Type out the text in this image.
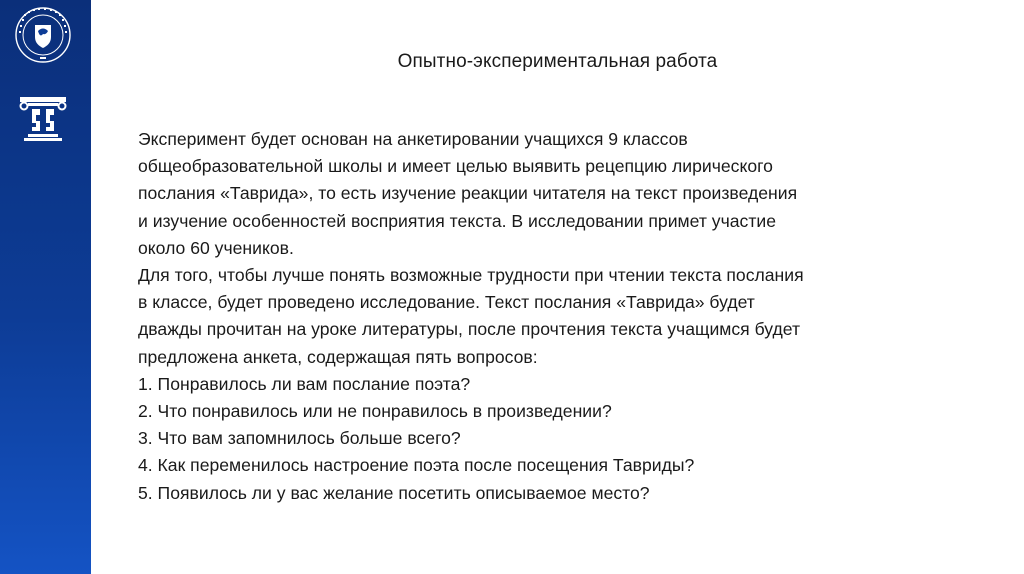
Опытно-экспериментальная работа
Эксперимент будет основан на анкетировании учащихся 9 классов
общеобразовательной школы и имеет целью выявить рецепцию лирического
послания «Таврида», то есть изучение реакции читателя на текст произведения
и изучение особенностей восприятия текста. В исследовании примет участие
около 60 учеников.
Для того, чтобы лучше понять возможные трудности при чтении текста послания
в классе, будет проведено исследование. Текст послания «Таврида» будет
дважды прочитан на уроке литературы, после прочтения текста учащимся будет
предложена анкета, содержащая пять вопросов:
1. Понравилось ли вам послание поэта?
2. Что понравилось или не понравилось в произведении?
3. Что вам запомнилось больше всего?
4. Как переменилось настроение поэта после посещения Тавриды?
5. Появилось ли у вас желание посетить описываемое место?
